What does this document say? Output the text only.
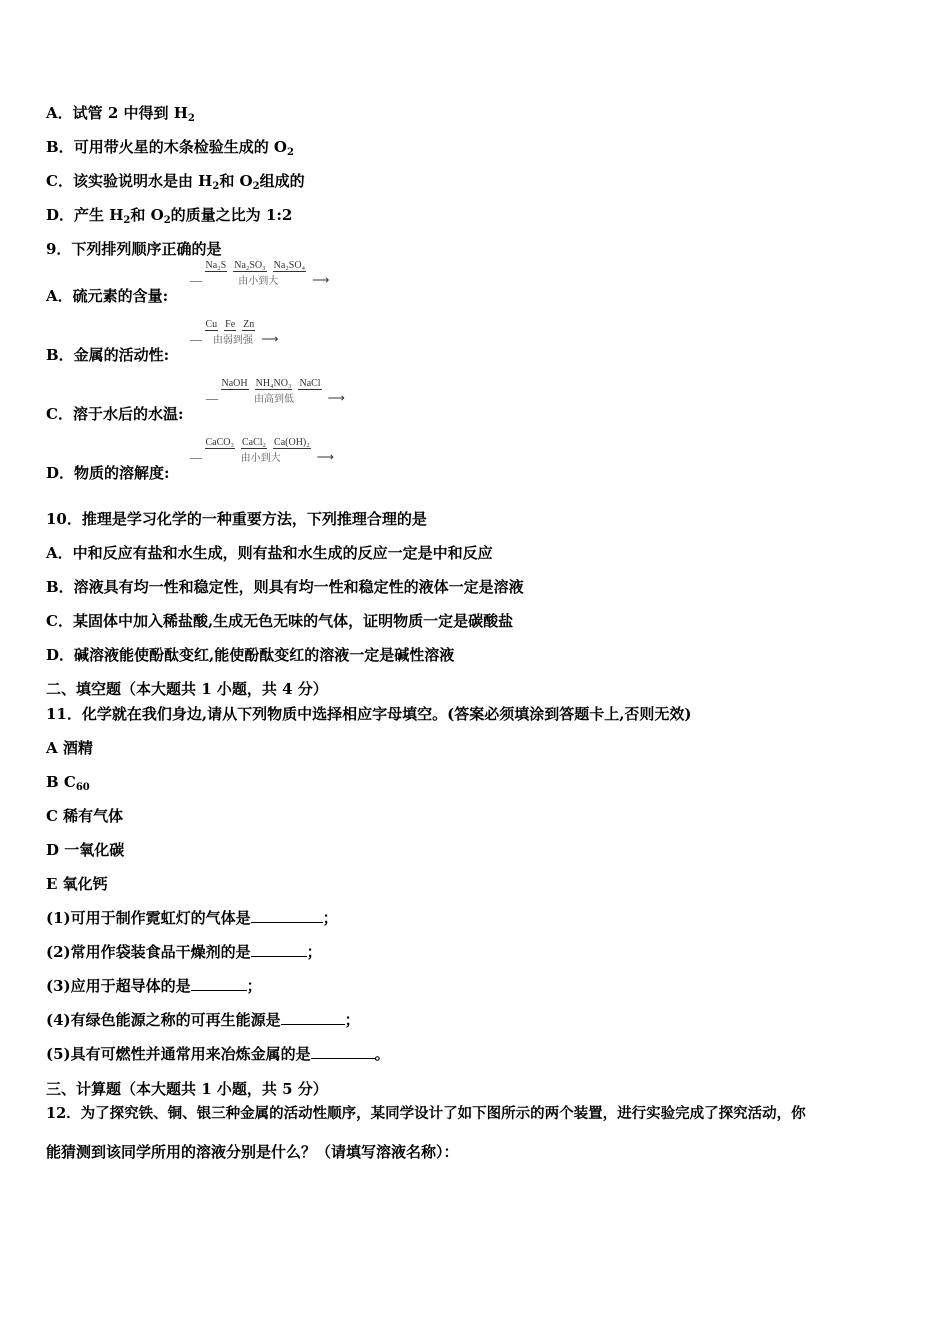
A．试管 2 中得到 $H_2$
B．可用带火星的木条检验生成的 $O_2$
C．该实验说明水是由 $H_2$和 $O_2$组成的
D．产生 $H_2$和 $O_2$的质量之比为 1:2
9．下列排列顺序正确的是
A．硫元素的含量:
— Na₂S Na₂SO₃ Na₂SO₄
由小到大	⟶
B．金属的活动性:
— Cu Fe Zn
由弱到强 ⟶
C．溶于水后的水温:
— NaOH NH₄NO₃ NaCl
由高到低	⟶
D．物质的溶解度:
— CaCO₃ CaCl₂ Ca(OH)₂
由小到大	⟶
10．推理是学习化学的一种重要方法，下列推理合理的是
A．中和反应有盐和水生成，则有盐和水生成的反应一定是中和反应
B．溶液具有均一性和稳定性，则具有均一性和稳定性的液体一定是溶液
C．某固体中加入稀盐酸,生成无色无味的气体，证明物质一定是碳酸盐
D．碱溶液能使酚酞变红,能使酚酞变红的溶液一定是碱性溶液
二、填空题（本大题共 1 小题，共 4 分）
11．化学就在我们身边,请从下列物质中选择相应字母填空。(答案必须填涂到答题卡上,否则无效)
A 酒精
B $C_{60}$
C 稀有气体
D 一氧化碳
E 氧化钙
(1)可用于制作霓虹灯的气体是	；
(2)常用作袋装食品干燥剂的是	；
(3)应用于超导体的是	；
(4)有绿色能源之称的可再生能源是	；
(5)具有可燃性并通常用来冶炼金属的是	。
三、计算题（本大题共 1 小题，共 5 分）
12．为了探究铁、铜、银三种金属的活动性顺序，某同学设计了如下图所示的两个装置，进行实验完成了探究活动，你
能猜测到该同学所用的溶液分别是什么？（请填写溶液名称）：
